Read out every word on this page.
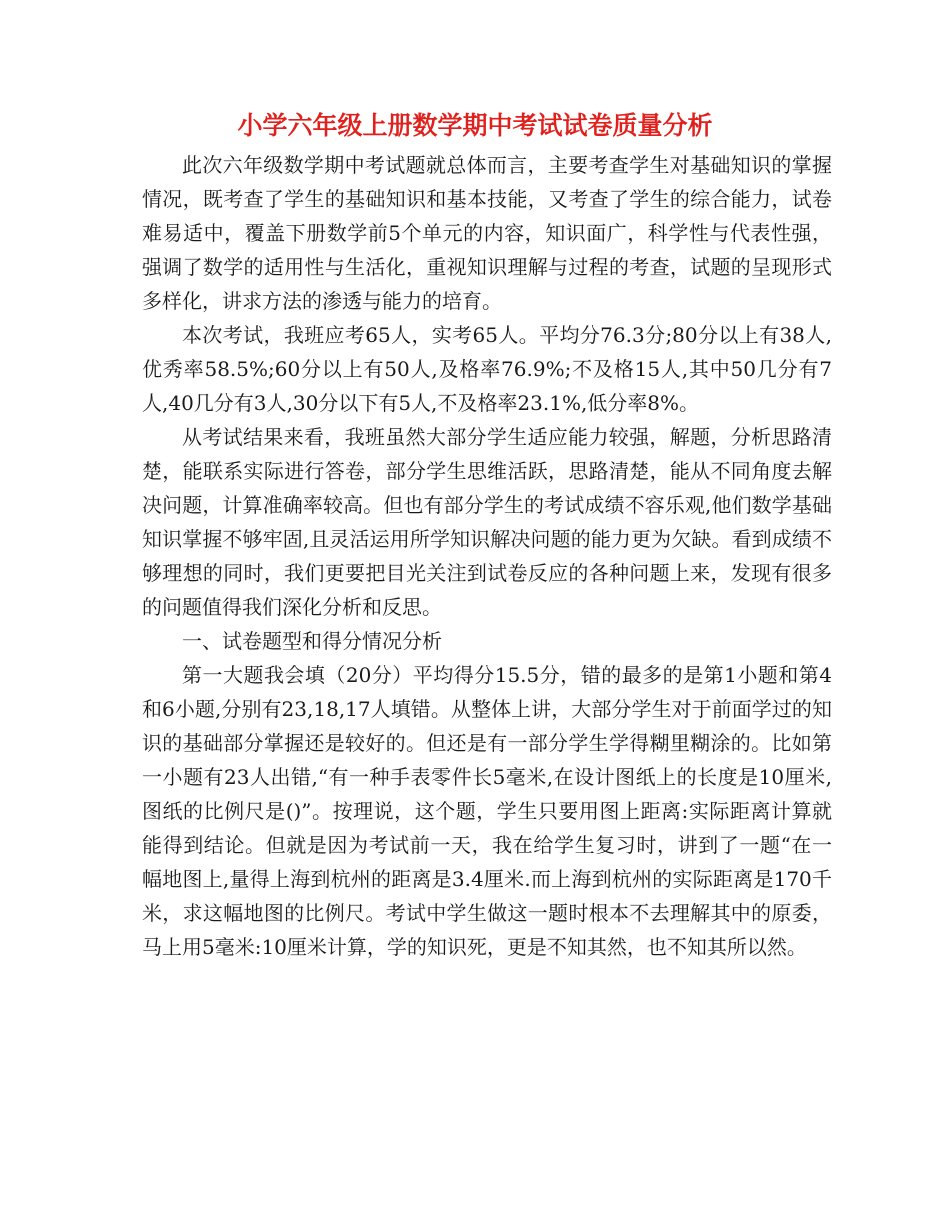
小学六年级上册数学期中考试试卷质量分析

此次六年级数学期中考试题就总体而言，主要考查学生对基础知识的掌握情况，既考查了学生的基础知识和基本技能，又考查了学生的综合能力，试卷难易适中，覆盖下册数学前5个单元的内容，知识面广，科学性与代表性强，强调了数学的适用性与生活化，重视知识理解与过程的考查，试题的呈现形式多样化，讲求方法的渗透与能力的培育。

本次考试，我班应考65人，实考65人。平均分76.3分;80分以上有38人,优秀率58.5%;60分以上有50人,及格率76.9%;不及格15人,其中50几分有7人,40几分有3人,30分以下有5人,不及格率23.1%,低分率8%。

从考试结果来看，我班虽然大部分学生适应能力较强，解题，分析思路清楚，能联系实际进行答卷，部分学生思维活跃，思路清楚，能从不同角度去解决问题，计算准确率较高。但也有部分学生的考试成绩不容乐观,他们数学基础知识掌握不够牢固,且灵活运用所学知识解决问题的能力更为欠缺。看到成绩不够理想的同时，我们更要把目光关注到试卷反应的各种问题上来，发现有很多的问题值得我们深化分析和反思。

一、试卷题型和得分情况分析

第一大题我会填（20分）平均得分15.5分，错的最多的是第1小题和第4和6小题,分别有23,18,17人填错。从整体上讲，大部分学生对于前面学过的知识的基础部分掌握还是较好的。但还是有一部分学生学得糊里糊涂的。比如第一小题有23人出错,“有一种手表零件长5毫米,在设计图纸上的长度是10厘米,图纸的比例尺是()”。按理说，这个题，学生只要用图上距离:实际距离计算就能得到结论。但就是因为考试前一天，我在给学生复习时，讲到了一题“在一幅地图上,量得上海到杭州的距离是3.4厘米.而上海到杭州的实际距离是170千米，求这幅地图的比例尺。考试中学生做这一题时根本不去理解其中的原委，马上用5毫米:10厘米计算，学的知识死，更是不知其然，也不知其所以然。
